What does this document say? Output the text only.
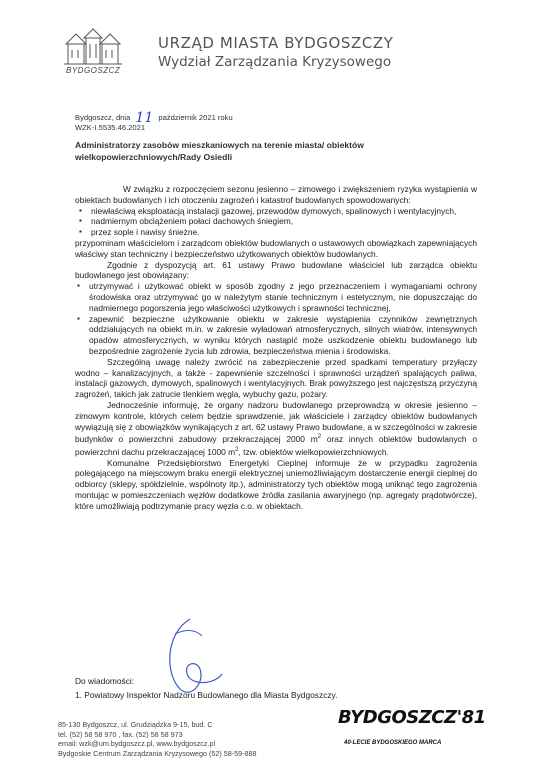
BYDGOSZCZ
URZĄD MIASTA BYDGOSZCZY
Wydział Zarządzania Kryzysowego
Bydgoszcz, dnia 11 październik 2021 roku
WZK-I.5535.46.2021
Administratorzy zasobów mieszkaniowych na terenie miasta/ obiektów wielkopowierzchniowych/Rady Osiedli

W związku z rozpoczęciem sezonu jesienno – zimowego i zwiększeniem ryzyka wystąpienia w obiektach budowlanych i ich otoczeniu zagrożeń i katastrof budowlanych spowodowanych:

▪ niewłaściwą eksploatacją instalacji gazowej, przewodów dymowych, spalinowych i wentylacyjnych,
▪ nadmiernym obciążeniem połaci dachowych śniegiem,
▪ przez sople i nawisy śnieżne.

przypominam właścicielom i zarządcom obiektów budowlanych o ustawowych obowiązkach zapewniających właściwy stan techniczny i bezpieczeństwo użytkowanych obiektów budowlanych.

Zgodnie z dyspozycją art. 61 ustawy Prawo budowlane właściciel lub zarządca obiektu budowlanego jest obowiązany:

▪ utrzymywać i użytkować obiekt w sposób zgodny z jego przeznaczeniem i wymaganiami ochrony środowiska oraz utrzymywać go w należytym stanie technicznym i estetycznym, nie dopuszczając do nadmiernego pogorszenia jego właściwości użytkowych i sprawności technicznej,
▪ zapewnić bezpieczne użytkowanie obiektu w zakresie wystąpienia czynników zewnętrznych oddziałujących na obiekt m.in. w zakresie wyładowań atmosferycznych, silnych wiatrów, intensywnych opadów atmosferycznych, w wyniku których nastąpić może uszkodzenie obiektu budowlanego lub bezpośrednie zagrożenie życia lub zdrowia, bezpieczeństwa mienia i środowiska.

Szczególną uwagę należy zwrócić na zabezpieczenie przed spadkami temperatury przyłączy wodno – kanalizacyjnych, a także - zapewnienie szczelności i sprawności urządzeń spalających paliwa, instalacji gazowych, dymowych, spalinowych i wentylacyjnych. Brak powyższego jest najczęstszą przyczyną zagrożeń, takich jak zatrucie tlenkiem węgla, wybuchy gazu, pożary.

Jednocześnie informuję, że organy nadzoru budowlanego przeprowadzą w okresie jesienno – zimowym kontrole, których celem będzie sprawdzenie, jak właściciele i zarządcy obiektów budowlanych wywiązują się z obowiązków wynikających z art. 62 ustawy Prawo budowlane, a w szczególności w zakresie budynków o powierzchni zabudowy przekraczającej 2000 $m^2$ oraz innych obiektów budowlanych o powierzchni dachu przekraczającej 1000 $m^2$, tzw. obiektów wielkopowierzchniowych.

Komunalne Przedsiębiorstwo Energetyki Cieplnej informuje że w przypadku zagrożenia polegającego na miejscowym braku energii elektrycznej uniemożliwiającym dostarczenie energii cieplnej do odbiorcy (sklepy, spółdzielnie, wspólnoty itp.), administratorzy tych obiektów mogą uniknąć tego zagrożenia montując w pomieszczeniach węzłów dodatkowe źródła zasilania awaryjnego (np. agregaty prądotwórcze), które umożliwiają podtrzymanie pracy węzła c.o. w obiektach.

Do wiadomości:
1. Powiatowy Inspektor Nadzoru Budowlanego dla Miasta Bydgoszczy.
85-130 Bydgoszcz, ul. Grudziądzka 9-15, bud. C
tel. (52) 58 58 970 , fax. (52) 58 58 973
email: wzk@um.bydgoszcz.pl, www.bydgoszcz.pl
Bydgoskie Centrum Zarządzania Kryzysowego (52) 58-59-888
BYDGOSZCZ'81
40-LECIE BYDGOSKIEGO MARCA
